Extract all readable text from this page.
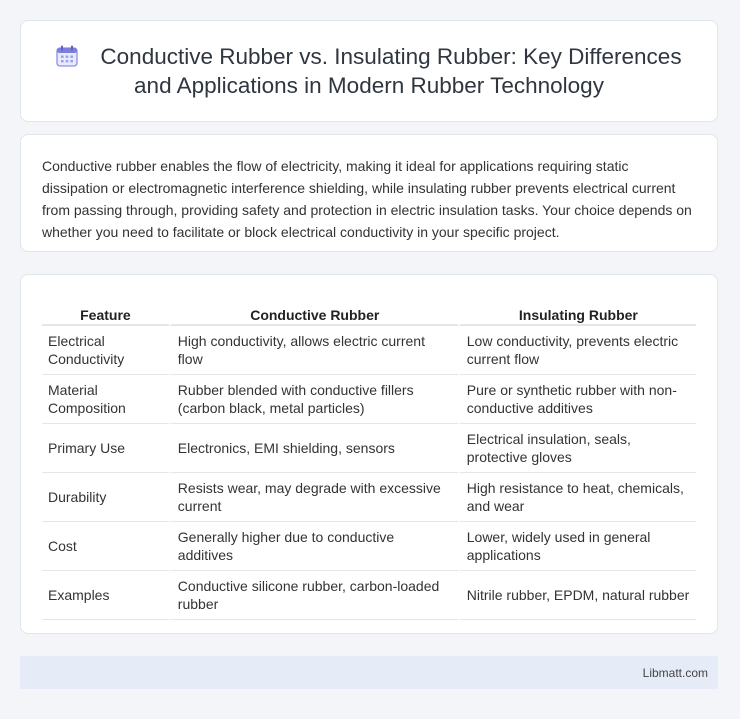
Conductive Rubber vs. Insulating Rubber: Key Differences and Applications in Modern Rubber Technology

Conductive rubber enables the flow of electricity, making it ideal for applications requiring static dissipation or electromagnetic interference shielding, while insulating rubber prevents electrical current from passing through, providing safety and protection in electric insulation tasks. Your choice depends on whether you need to facilitate or block electrical conductivity in your specific project.

Feature	Conductive Rubber	Insulating Rubber
Electrical Conductivity	High conductivity, allows electric current flow	Low conductivity, prevents electric current flow
Material Composition	Rubber blended with conductive fillers (carbon black, metal particles)	Pure or synthetic rubber with non-conductive additives
Primary Use	Electronics, EMI shielding, sensors	Electrical insulation, seals, protective gloves
Durability	Resists wear, may degrade with excessive current	High resistance to heat, chemicals, and wear
Cost	Generally higher due to conductive additives	Lower, widely used in general applications
Examples	Conductive silicone rubber, carbon-loaded rubber	Nitrile rubber, EPDM, natural rubber
Libmatt.com
